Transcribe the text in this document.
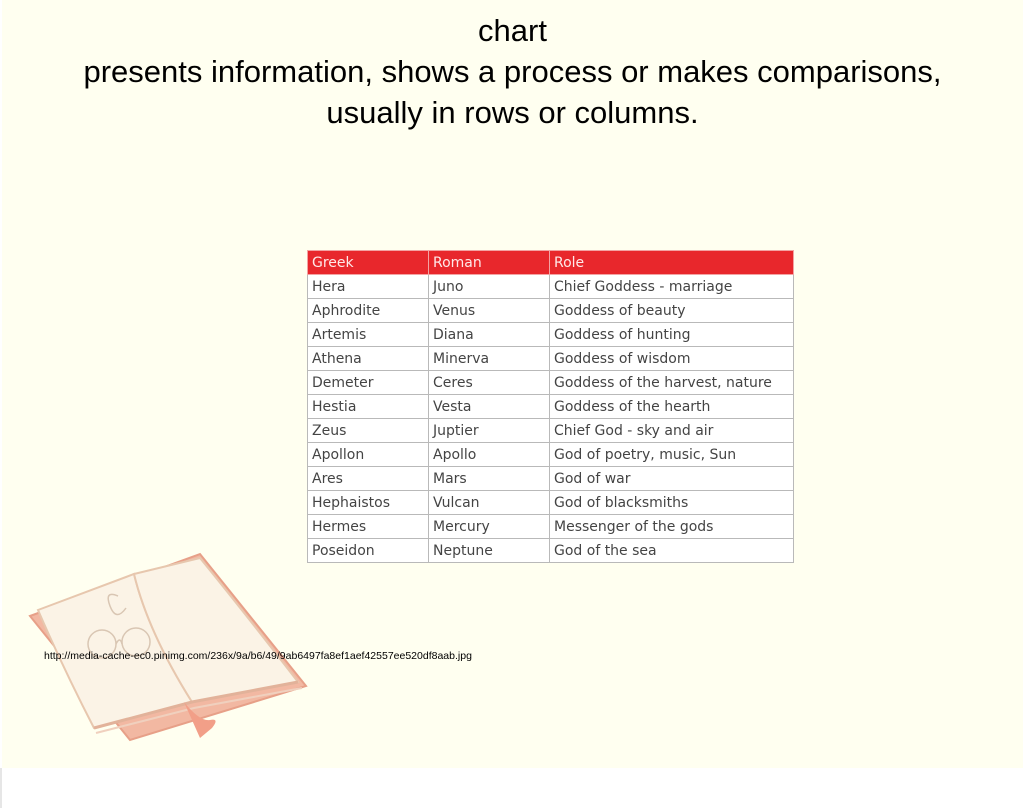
chart
presents information, shows a process or makes comparisons,
usually in rows or columns.
Greek	Roman	Role
Hera	Juno	Chief Goddess - marriage
Aphrodite	Venus	Goddess of beauty
Artemis	Diana	Goddess of hunting
Athena	Minerva	Goddess of wisdom
Demeter	Ceres	Goddess of the harvest, nature
Hestia	Vesta	Goddess of the hearth
Zeus	Juptier	Chief God - sky and air
Apollon	Apollo	God of poetry, music, Sun
Ares	Mars	God of war
Hephaistos	Vulcan	God of blacksmiths
Hermes	Mercury	Messenger of the gods
Poseidon	Neptune	God of the sea
http://media-cache-ec0.pinimg.com/236x/9a/b6/49/9ab6497fa8ef1aef42557ee520df8aab.jpg
